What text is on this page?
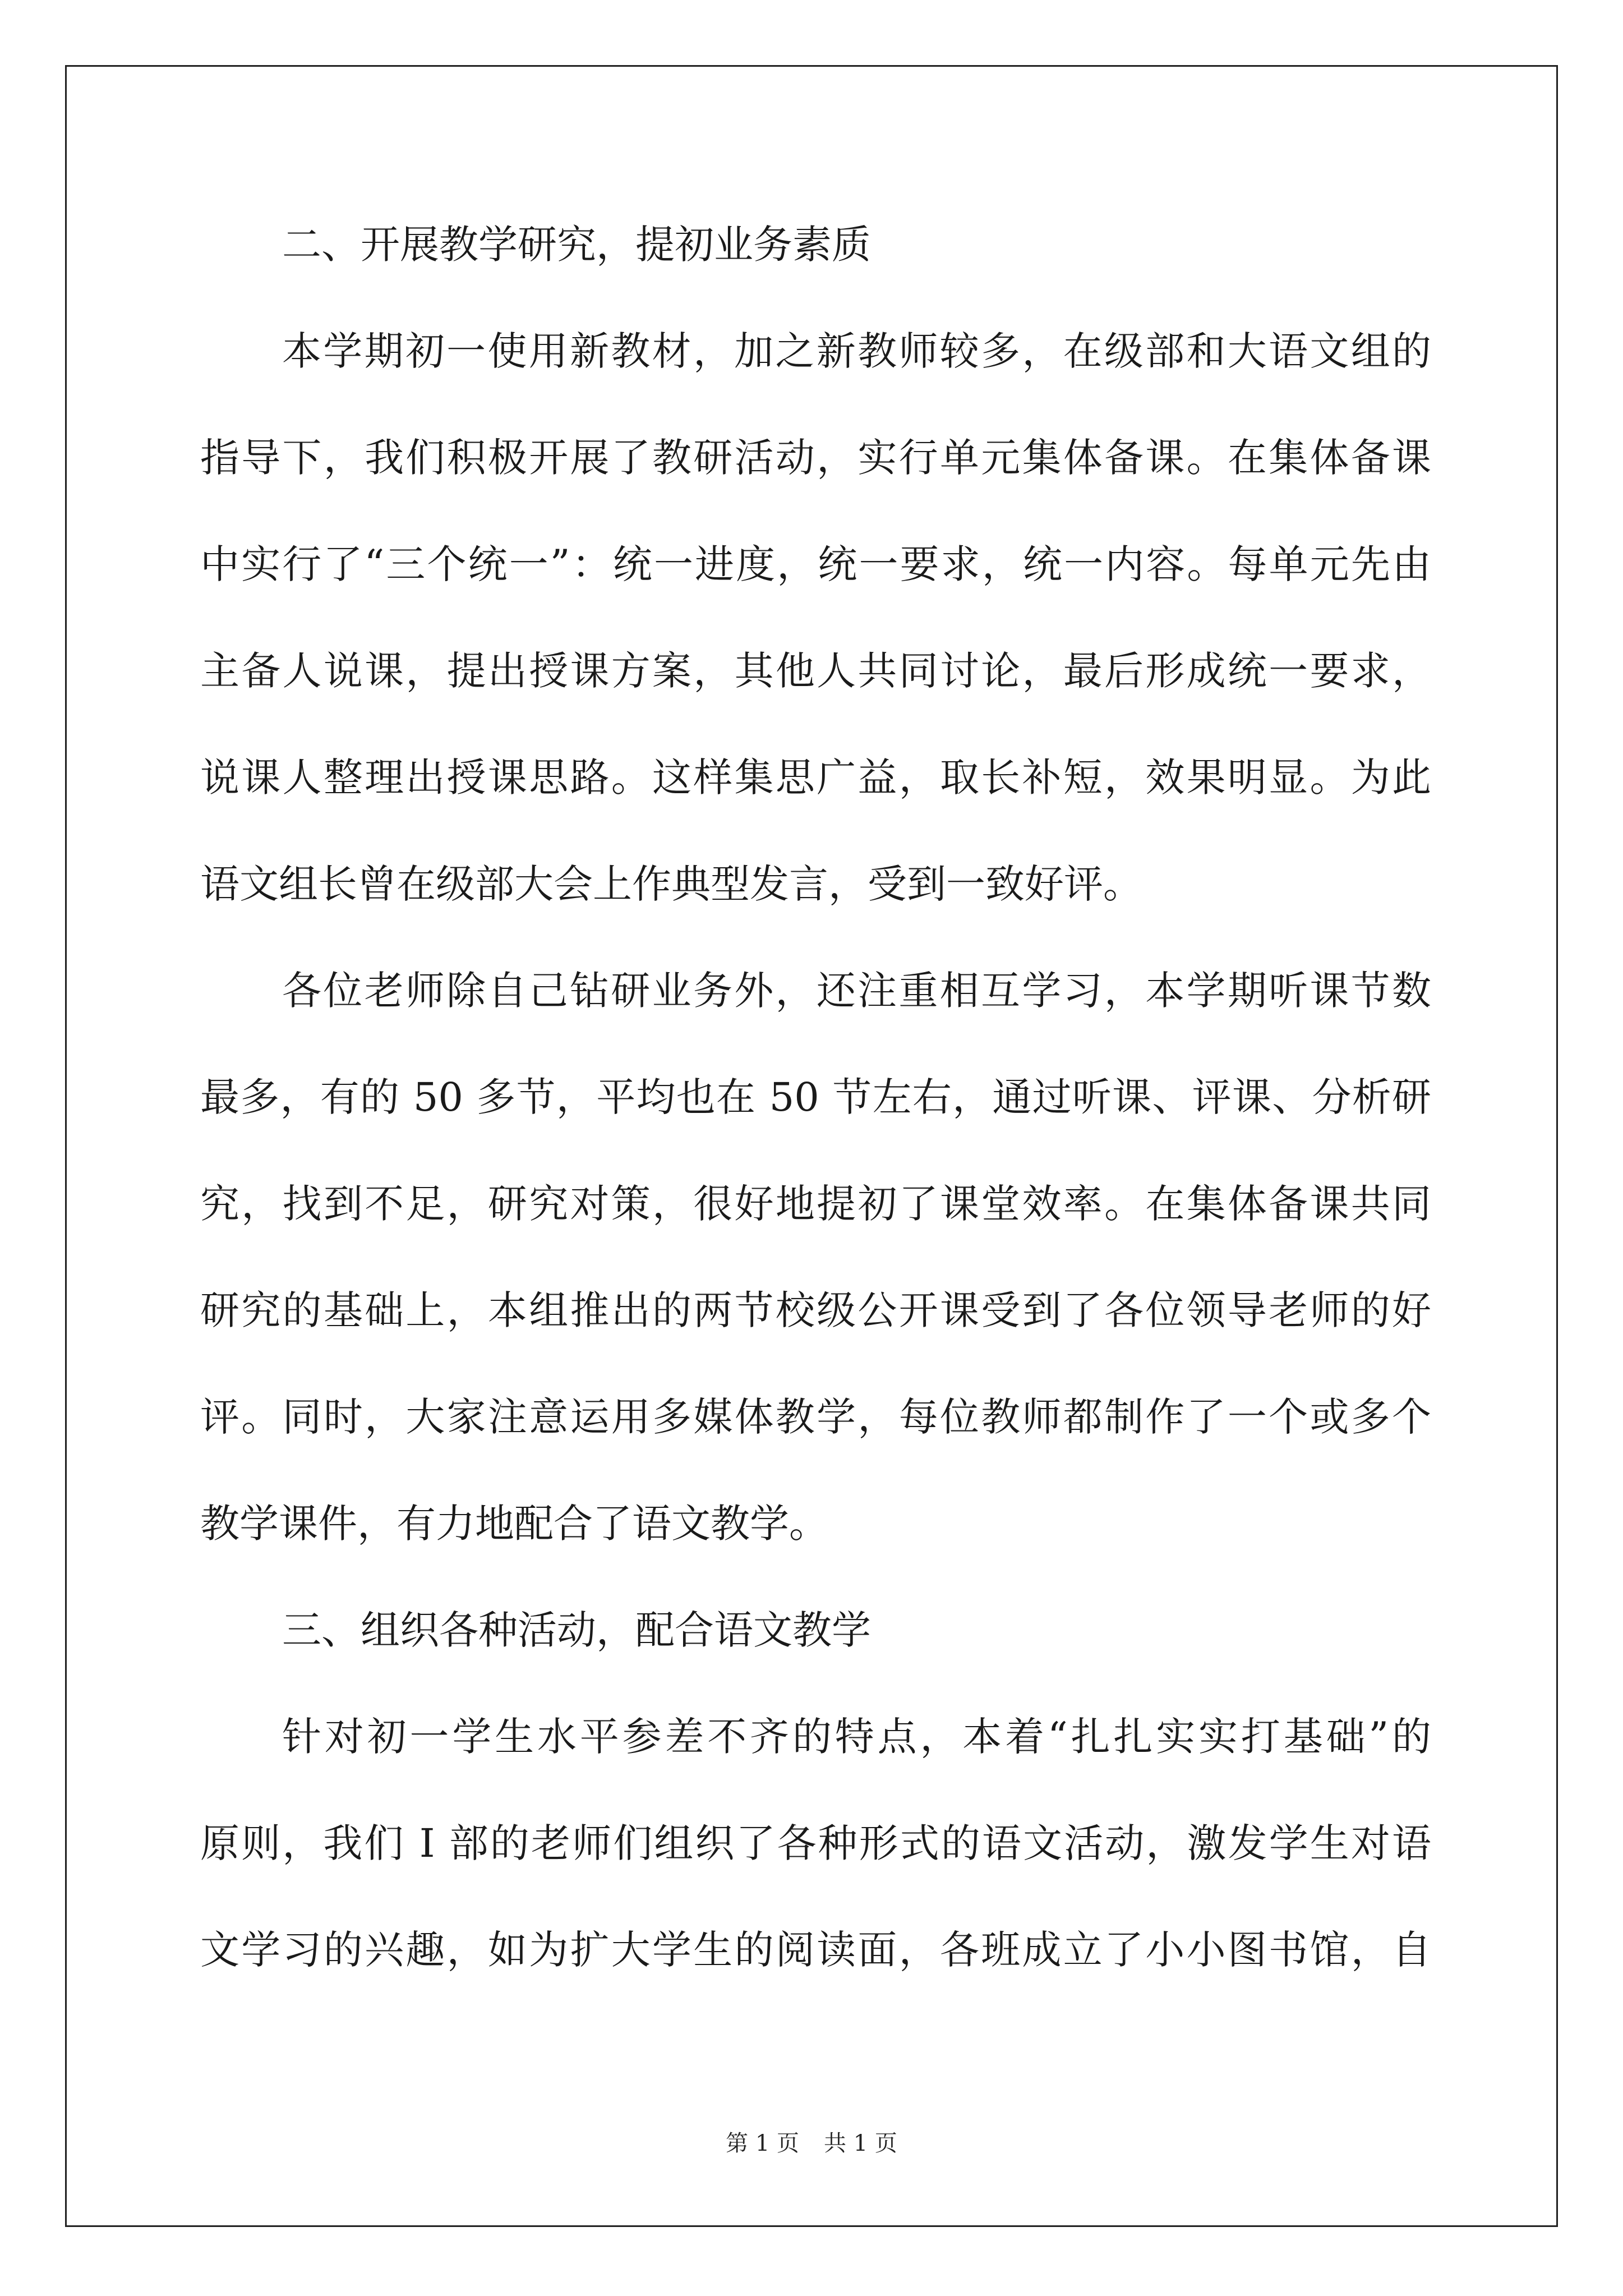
二、开展教学研究，提初业务素质
本学期初一使用新教材，加之新教师较多，在级部和大语文组的
指导下，我们积极开展了教研活动，实行单元集体备课。在集体备课
中实行了“三个统一”：统一进度，统一要求，统一内容。每单元先由
主备人说课，提出授课方案，其他人共同讨论，最后形成统一要求，
说课人整理出授课思路。这样集思广益，取长补短，效果明显。为此
语文组长曾在级部大会上作典型发言，受到一致好评。
各位老师除自己钻研业务外，还注重相互学习，本学期听课节数
最多，有的 50 多节，平均也在 50 节左右，通过听课、评课、分析研
究，找到不足，研究对策，很好地提初了课堂效率。在集体备课共同
研究的基础上，本组推出的两节校级公开课受到了各位领导老师的好
评。同时，大家注意运用多媒体教学，每位教师都制作了一个或多个
教学课件，有力地配合了语文教学。
三、组织各种活动，配合语文教学
针对初一学生水平参差不齐的特点，本着“扎扎实实打基础”的
原则，我们 I 部的老师们组织了各种形式的语文活动，激发学生对语
文学习的兴趣，如为扩大学生的阅读面，各班成立了小小图书馆，自
第 1 页 共 1 页
